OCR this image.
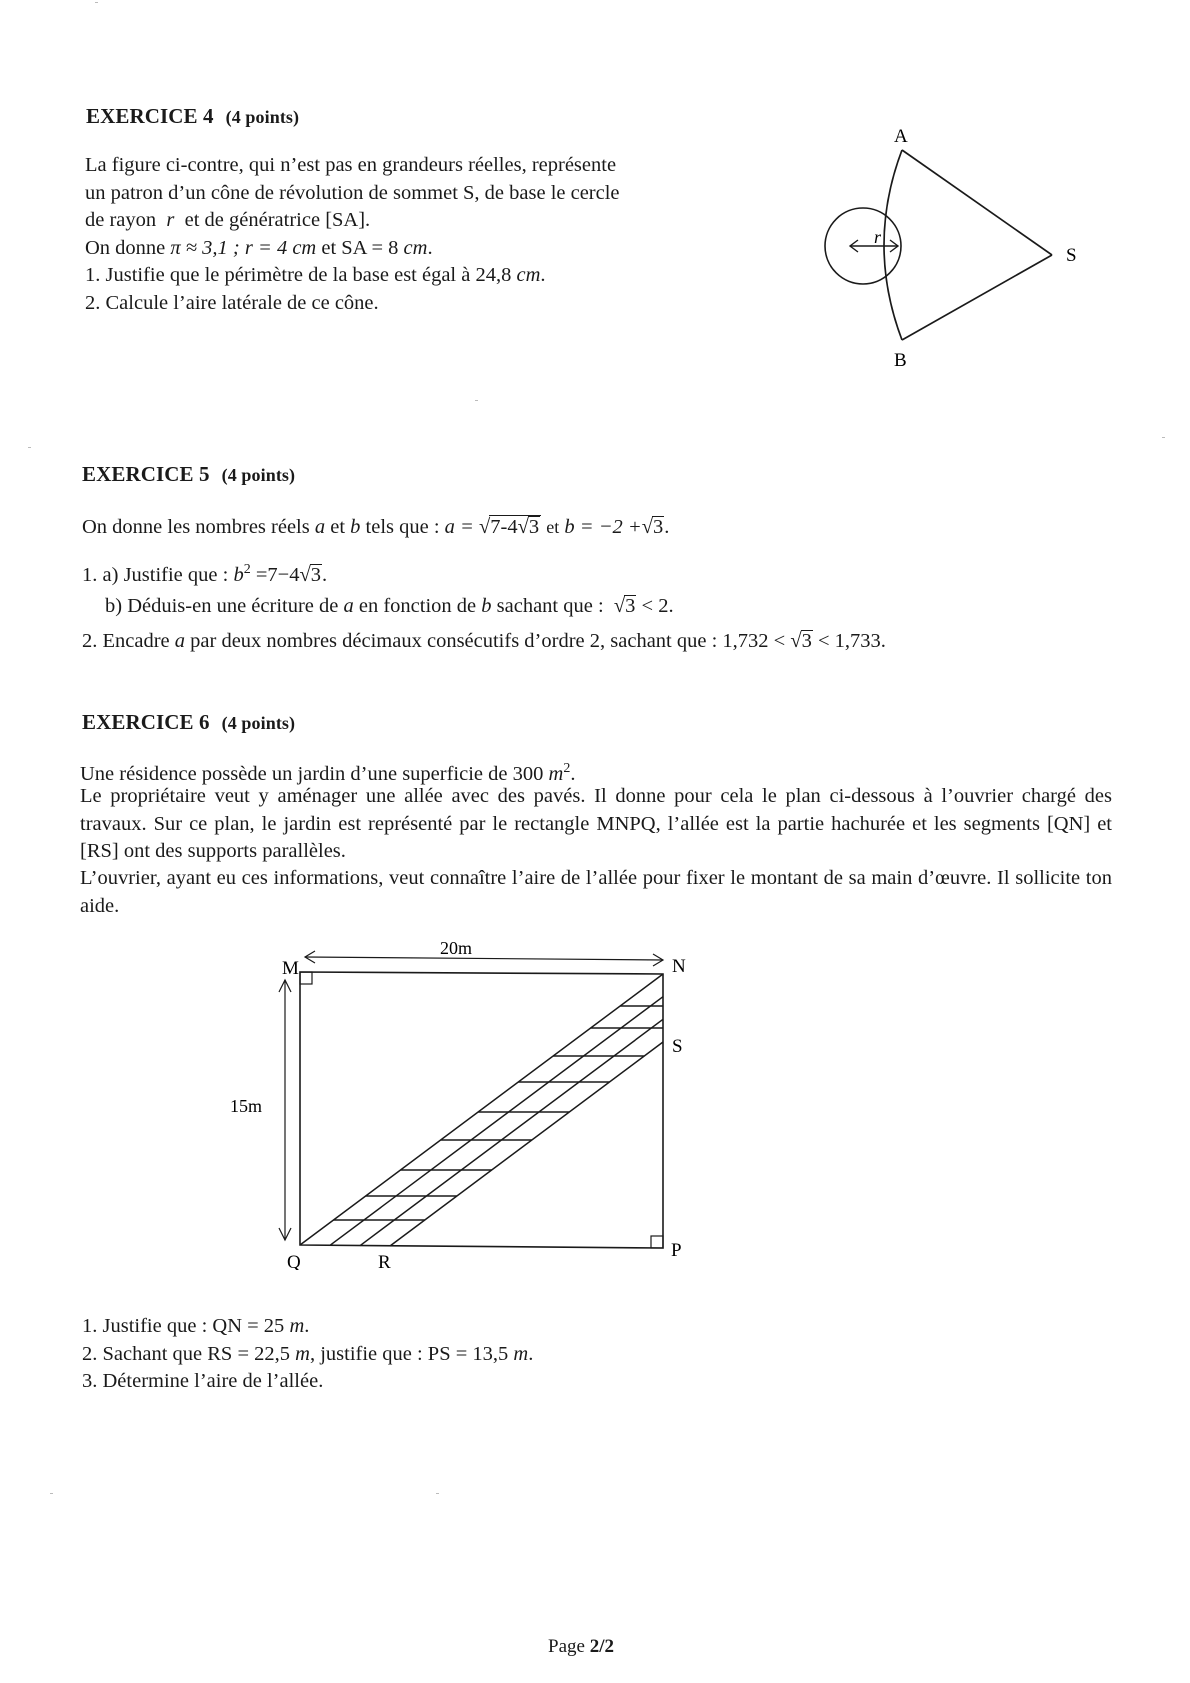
EXERCICE 4 (4 points)
La figure ci-contre, qui n’est pas en grandeurs réelles, représente
un patron d’un cône de révolution de sommet S, de base le cercle
de rayon r et de génératrice [SA].
On donne π ≈ 3,1 ; r = 4 cm et SA = 8 cm.
1. Justifie que le périmètre de la base est égal à 24,8 cm.
2. Calcule l’aire latérale de ce cône.
r
A
B
S
EXERCICE 5 (4 points)
On donne les nombres réels a et b tels que : a = √7-4√3 et b = −2 +√3.
1. a) Justifie que : $b^2 =7-4√3$.
b) Déduis-en une écriture de a en fonction de b sachant que : √3 < 2.
2. Encadre a par deux nombres décimaux consécutifs d’ordre 2, sachant que : 1,732 < √3 < 1,733.
EXERCICE 6 (4 points)
Une résidence possède un jardin d’une superficie de 300 $m^2$.
Le propriétaire veut y aménager une allée avec des pavés. Il donne pour cela le plan ci-dessous à l’ouvrier chargé des travaux. Sur ce plan, le jardin est représenté par le rectangle MNPQ, l’allée est la partie hachurée et les segments [QN] et [RS] ont des supports parallèles.
L’ouvrier, ayant eu ces informations, veut connaître l’aire de l’allée pour fixer le montant de sa main d’œuvre. Il sollicite ton aide.
20m
15m
M	N
S
P
Q	R
1. Justifie que : QN = 25 m.
2. Sachant que RS = 22,5 m, justifie que : PS = 13,5 m.
3. Détermine l’aire de l’allée.
Page 2/2
